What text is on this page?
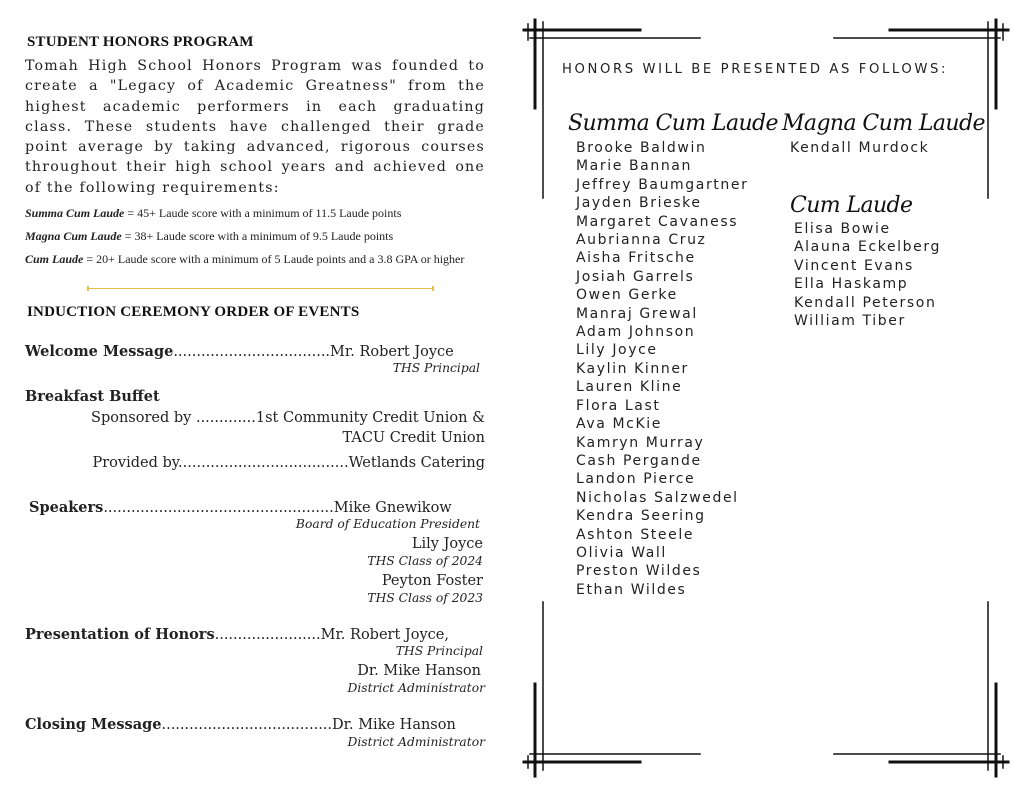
STUDENT HONORS PROGRAM
Tomah High School Honors Program was founded to create a "Legacy of Academic Greatness" from the highest academic performers in each graduating class. These students have challenged their grade point average by taking advanced, rigorous courses throughout their high school years and achieved one of the following requirements:
Summa Cum Laude = 45+ Laude score with a minimum of 11.5 Laude points
Magna Cum Laude = 38+ Laude score with a minimum of 9.5 Laude points
Cum Laude = 20+ Laude score with a minimum of 5 Laude points and a 3.8 GPA or higher
INDUCTION CEREMONY ORDER OF EVENTS
Welcome Message..................................Mr. Robert Joyce
THS Principal
Breakfast Buffet
Sponsored by .............1st Community Credit Union &
TACU Credit Union
Provided by.....................................Wetlands Catering
Speakers..................................................Mike Gnewikow
Board of Education President
Lily Joyce
THS Class of 2024
Peyton Foster
THS Class of 2023
Presentation of Honors.......................Mr. Robert Joyce,
THS Principal
Dr. Mike Hanson
District Administrator
Closing Message.....................................Dr. Mike Hanson
District Administrator
HONORS WILL BE PRESENTED AS FOLLOWS:
Summa Cum Laude
Brooke Baldwin
Marie Bannan
Jeffrey Baumgartner
Jayden Brieske
Margaret Cavaness
Aubrianna Cruz
Aisha Fritsche
Josiah Garrels
Owen Gerke
Manraj Grewal
Adam Johnson
Lily Joyce
Kaylin Kinner
Lauren Kline
Flora Last
Ava McKie
Kamryn Murray
Cash Pergande
Landon Pierce
Nicholas Salzwedel
Kendra Seering
Ashton Steele
Olivia Wall
Preston Wildes
Ethan Wildes
Magna Cum Laude
Kendall Murdock
Cum Laude
Elisa Bowie
Alauna Eckelberg
Vincent Evans
Ella Haskamp
Kendall Peterson
William Tiber
